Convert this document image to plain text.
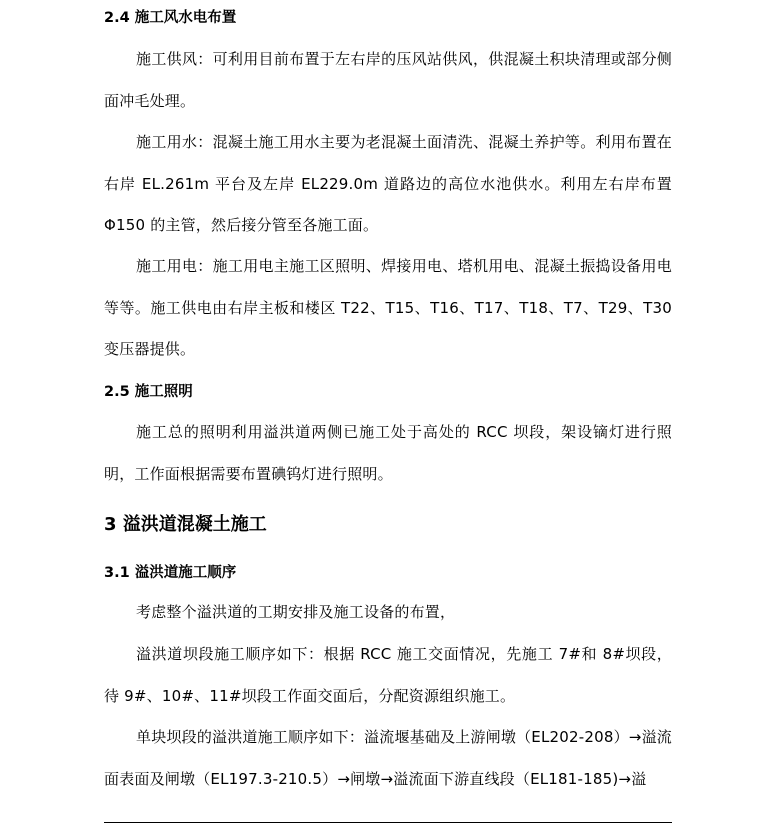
2.4 施工风水电布置
施工供风：可利用目前布置于左右岸的压风站供风，供混凝土积块清理或部分侧面冲毛处理。
施工用水：混凝土施工用水主要为老混凝土面清洗、混凝土养护等。利用布置在右岸 EL.261m 平台及左岸 EL229.0m 道路边的高位水池供水。利用左右岸布置Φ150 的主管，然后接分管至各施工面。
施工用电：施工用电主施工区照明、焊接用电、塔机用电、混凝土振捣设备用电等等。施工供电由右岸主板和楼区 T22、T15、T16、T17、T18、T7、T29、T30 变压器提供。
2.5 施工照明
施工总的照明利用溢洪道两侧已施工处于高处的 RCC 坝段，架设镝灯进行照明，工作面根据需要布置碘钨灯进行照明。
3 溢洪道混凝土施工
3.1 溢洪道施工顺序
考虑整个溢洪道的工期安排及施工设备的布置，
溢洪道坝段施工顺序如下：根据 RCC 施工交面情况，先施工 7#和 8#坝段，待 9#、10#、11#坝段工作面交面后，分配资源组织施工。
单块坝段的溢洪道施工顺序如下：溢流堰基础及上游闸墩（EL202-208）→溢流面表面及闸墩（EL197.3-210.5）→闸墩→溢流面下游直线段（EL181-185)→溢
